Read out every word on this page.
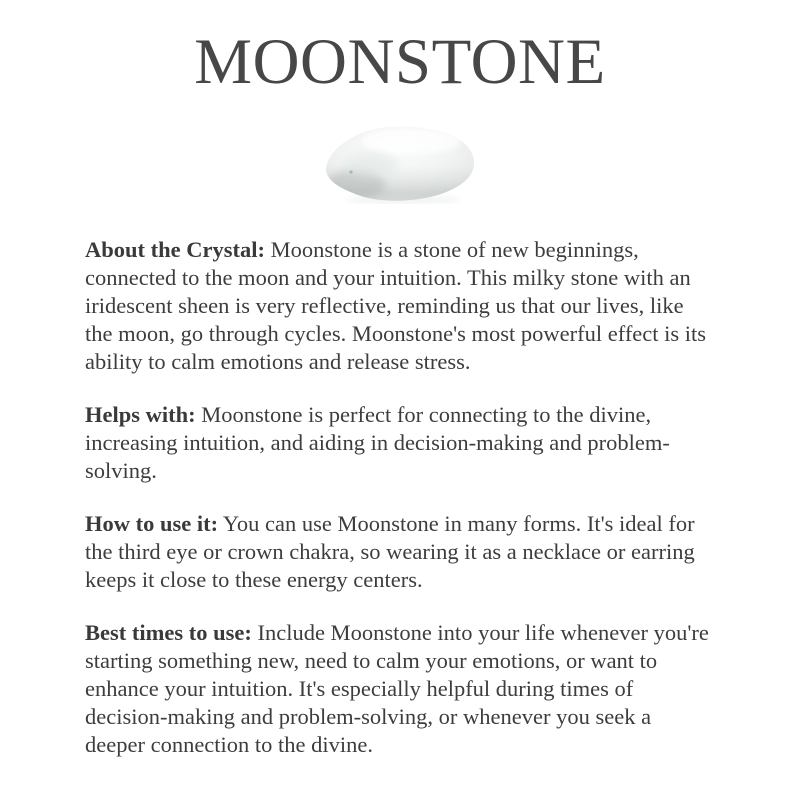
MOONSTONE

About the Crystal: Moonstone is a stone of new beginnings, connected to the moon and your intuition. This milky stone with an iridescent sheen is very reflective, reminding us that our lives, like the moon, go through cycles. Moonstone's most powerful effect is its ability to calm emotions and release stress.

Helps with: Moonstone is perfect for connecting to the divine, increasing intuition, and aiding in decision-making and problem-solving.

How to use it: You can use Moonstone in many forms. It's ideal for the third eye or crown chakra, so wearing it as a necklace or earring keeps it close to these energy centers.

Best times to use: Include Moonstone into your life whenever you're starting something new, need to calm your emotions, or want to enhance your intuition. It's especially helpful during times of decision-making and problem-solving, or whenever you seek a deeper connection to the divine.
